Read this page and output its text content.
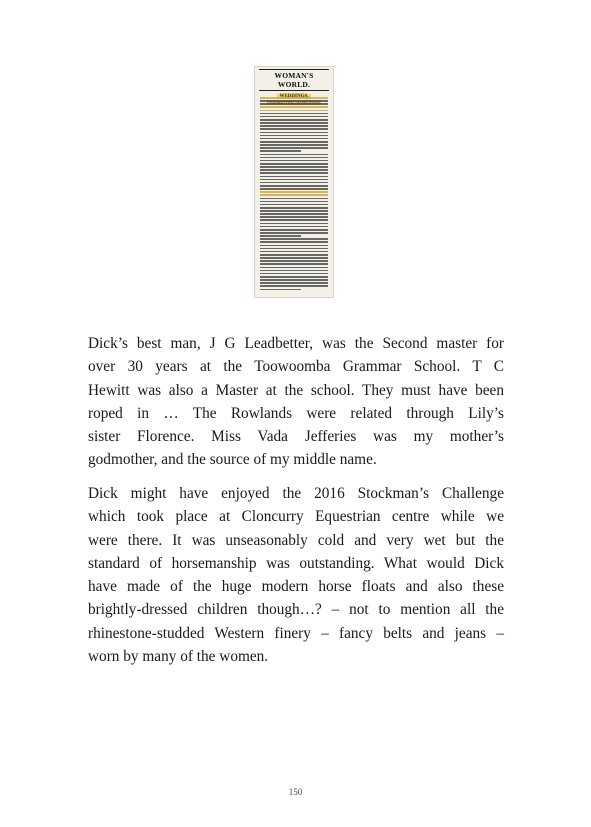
WOMAN'S WORLD.

Dick’s best man, J G Leadbetter, was the Second master for
over 30 years at the Toowoomba Grammar School. T C
Hewitt was also a Master at the school. They must have been
roped in … The Rowlands were related through Lily’s
sister Florence. Miss Vada Jefferies was my mother’s
godmother, and the source of my middle name.

Dick might have enjoyed the 2016 Stockman’s Challenge
which took place at Cloncurry Equestrian centre while we
were there. It was unseasonably cold and very wet but the
standard of horsemanship was outstanding. What would Dick
have made of the huge modern horse floats and also these
brightly-dressed children though…? – not to mention all the
rhinestone-studded Western finery – fancy belts and jeans –
worn by many of the women.

150
